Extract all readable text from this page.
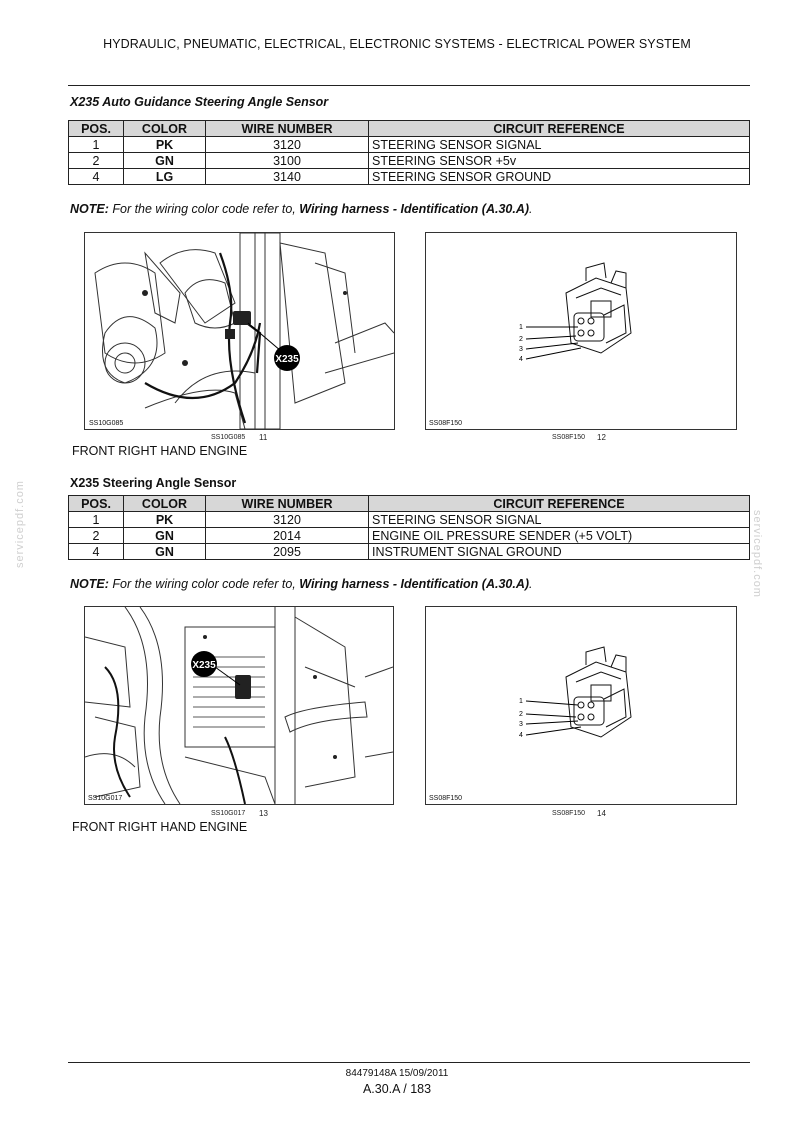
HYDRAULIC, PNEUMATIC, ELECTRICAL, ELECTRONIC SYSTEMS - ELECTRICAL POWER SYSTEM
X235 Auto Guidance Steering Angle Sensor
POS.	COLOR	WIRE NUMBER	CIRCUIT REFERENCE
1	PK	3120	STEERING SENSOR SIGNAL
2	GN	3100	STEERING SENSOR +5v
4	LG	3140	STEERING SENSOR GROUND
NOTE: For the wiring color code refer to, Wiring harness - Identification (A.30.A).
X235
SS10G085
SS10G085 11
1
2
3
4
SS08F150
SS08F150 12
FRONT RIGHT HAND ENGINE
X235 Steering Angle Sensor
POS.	COLOR	WIRE NUMBER	CIRCUIT REFERENCE
1	PK	3120	STEERING SENSOR SIGNAL
2	GN	2014	ENGINE OIL PRESSURE SENDER (+5 VOLT)
4	GN	2095	INSTRUMENT SIGNAL GROUND
NOTE: For the wiring color code refer to, Wiring harness - Identification (A.30.A).
X235
SS10G017
SS10G017 13
1
2
3
4
SS08F150
SS08F150 14
FRONT RIGHT HAND ENGINE
servicepdf.com	servicepdf.com
84479148A 15/09/2011
A.30.A / 183
